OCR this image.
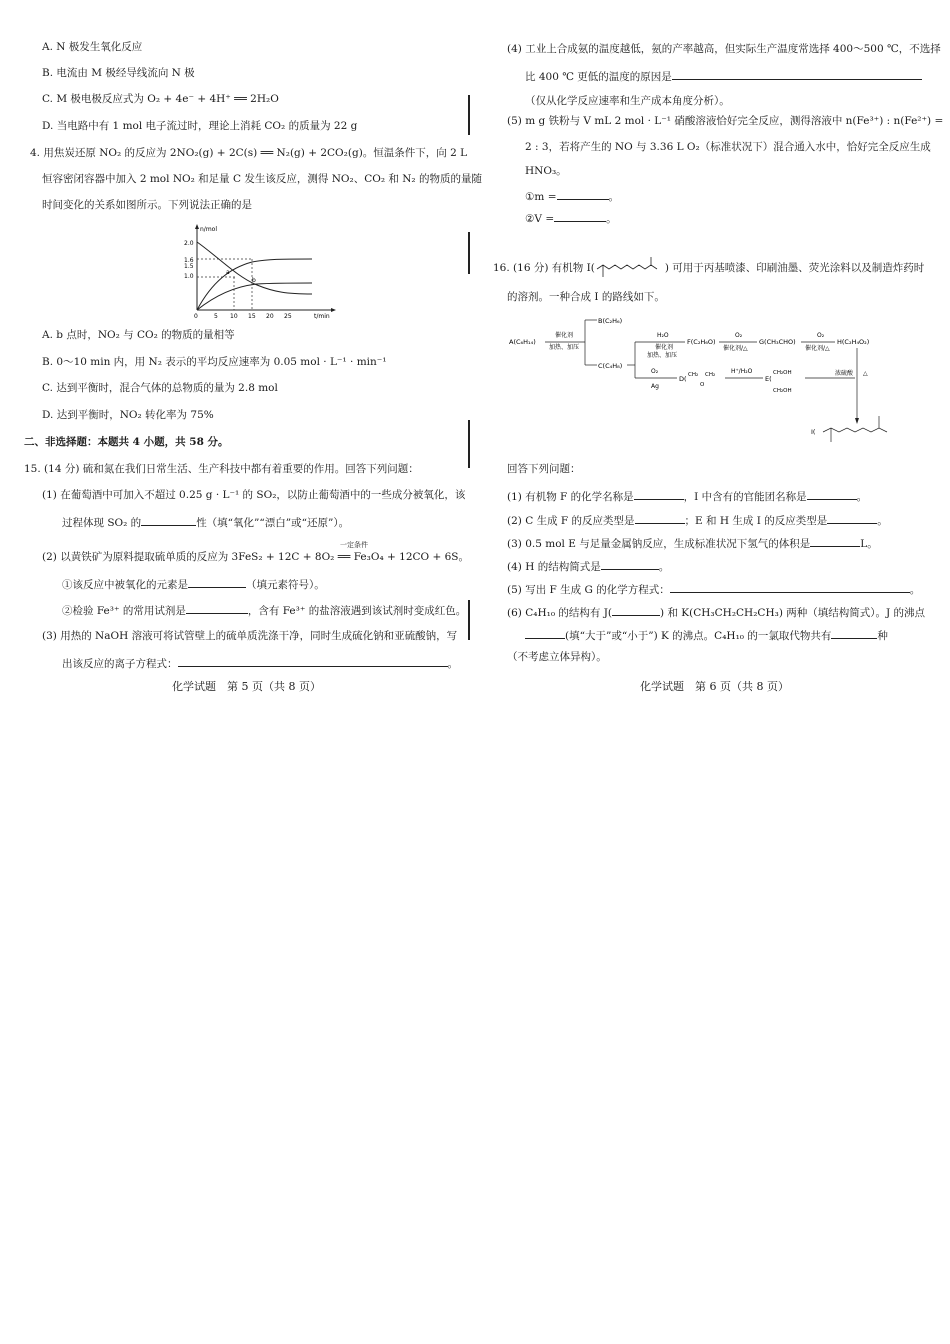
A. N 极发生氧化反应
B. 电流由 M 极经导线流向 N 极
C. M 极电极反应式为 O₂ + 4e⁻ + 4H⁺ ══ 2H₂O
D. 当电路中有 1 mol 电子流过时，理论上消耗 CO₂ 的质量为 22 g
4. 用焦炭还原 NO₂ 的反应为 2NO₂(g) + 2C(s) ══ N₂(g) + 2CO₂(g)。恒温条件下，向 2 L
恒容密闭容器中加入 2 mol NO₂ 和足量 C 发生该反应，测得 NO₂、CO₂ 和 N₂ 的物质的量随
时间变化的关系如图所示。下列说法正确的是
n/mol
t/min
2.0
1.6
1.5
1.0
0	5 10 15 20 25
a
b
A. b 点时，NO₂ 与 CO₂ 的物质的量相等
B. 0～10 min 内，用 N₂ 表示的平均反应速率为 0.05 mol · L⁻¹ · min⁻¹
C. 达到平衡时，混合气体的总物质的量为 2.8 mol
D. 达到平衡时，NO₂ 转化率为 75%
二、非选择题：本题共 4 小题，共 58 分。
15. (14 分) 硫和氮在我们日常生活、生产科技中都有着重要的作用。回答下列问题：
(1) 在葡萄酒中可加入不超过 0.25 g · L⁻¹ 的 SO₂，以防止葡萄酒中的一些成分被氧化，该
过程体现 SO₂ 的	性（填“氧化”“漂白”或“还原”）。
(2) 以黄铁矿为原料提取硫单质的反应为 3FeS₂ + 12C + 8O₂ ══ Fe₃O₄ + 12CO + 6S。
一定条件
①该反应中被氧化的元素是	（填元素符号）。
②检验 Fe³⁺ 的常用试剂是	，含有 Fe³⁺ 的盐溶液遇到该试剂时变成红色。
(3) 用热的 NaOH 溶液可将试管壁上的硫单质洗涤干净，同时生成硫化钠和亚硫酸钠，写
出该反应的离子方程式：	。
化学试题　第 5 页（共 8 页）
(4) 工业上合成氨的温度越低，氨的产率越高，但实际生产温度常选择 400～500 ℃，不选择
比 400 ℃ 更低的温度的原因是
（仅从化学反应速率和生产成本角度分析）。
(5) m g 铁粉与 V mL 2 mol · L⁻¹ 硝酸溶液恰好完全反应，测得溶液中 n(Fe³⁺) : n(Fe²⁺) =
2 : 3，若将产生的 NO 与 3.36 L O₂（标准状况下）混合通入水中，恰好完全反应生成
HNO₃。
①m =	。
②V =	。
16. (16 分) 有机物 I(	) 可用于丙基喷漆、印刷油墨、荧光涂料以及制造炸药时
的溶剂。一种合成 I 的路线如下。
A(C₆H₁₄)
催化剂
加热、加压
B(C₂H₆)
C(C₄H₈)
H₂O
催化剂
加热、加压
F(C₂H₆O)
O₂
催化剂/△
G(CH₃CHO)
O₂
催化剂/△
H(C₂H₄O₂)
O₂
Ag
D( CH₂ CH₂
O
H⁺/H₂O
E(
CH₂OH
CH₂OH
浓硫酸 △
I(
回答下列问题：
(1) 有机物 F 的化学名称是	，I 中含有的官能团名称是	。
(2) C 生成 F 的反应类型是	；E 和 H 生成 I 的反应类型是	。
(3) 0.5 mol E 与足量金属钠反应，生成标准状况下氢气的体积是	L。
(4) H 的结构简式是	。
(5) 写出 F 生成 G 的化学方程式：	。
(6) C₄H₁₀ 的结构有 J(	) 和 K(CH₃CH₂CH₂CH₃) 两种（填结构简式）。J 的沸点
(填“大于”或“小于”) K 的沸点。C₄H₁₀ 的一氯取代物共有	种
（不考虑立体异构）。
化学试题　第 6 页（共 8 页）
